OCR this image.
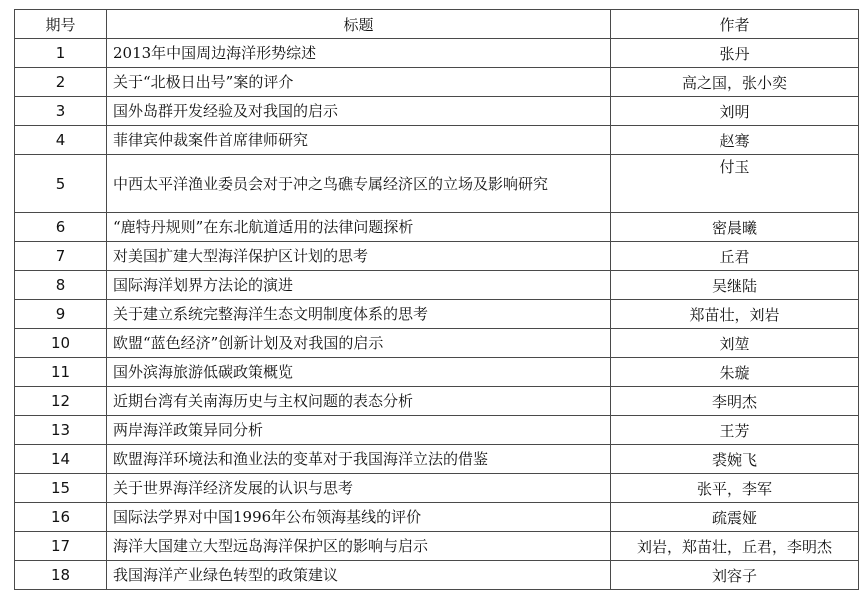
期号	标题	作者
1	2013年中国周边海洋形势综述	张丹
2	关于“北极日出号”案的评介	高之国，张小奕
3	国外岛群开发经验及对我国的启示	刘明
4	菲律宾仲裁案件首席律师研究	赵骞
5	中西太平洋渔业委员会对于冲之鸟礁专属经济区的立场及影响研究	付玉
6	“鹿特丹规则”在东北航道适用的法律问题探析	密晨曦
7	对美国扩建大型海洋保护区计划的思考	丘君
8	国际海洋划界方法论的演进	吴继陆
9	关于建立系统完整海洋生态文明制度体系的思考	郑苗壮，刘岩
10	欧盟“蓝色经济”创新计划及对我国的启示	刘堃
11	国外滨海旅游低碳政策概览	朱璇
12	近期台湾有关南海历史与主权问题的表态分析	李明杰
13	两岸海洋政策异同分析	王芳
14	欧盟海洋环境法和渔业法的变革对于我国海洋立法的借鉴	裘婉飞
15	关于世界海洋经济发展的认识与思考	张平，李军
16	国际法学界对中国1996年公布领海基线的评价	疏震娅
17	海洋大国建立大型远岛海洋保护区的影响与启示	刘岩，郑苗壮，丘君，李明杰
18	我国海洋产业绿色转型的政策建议	刘容子
